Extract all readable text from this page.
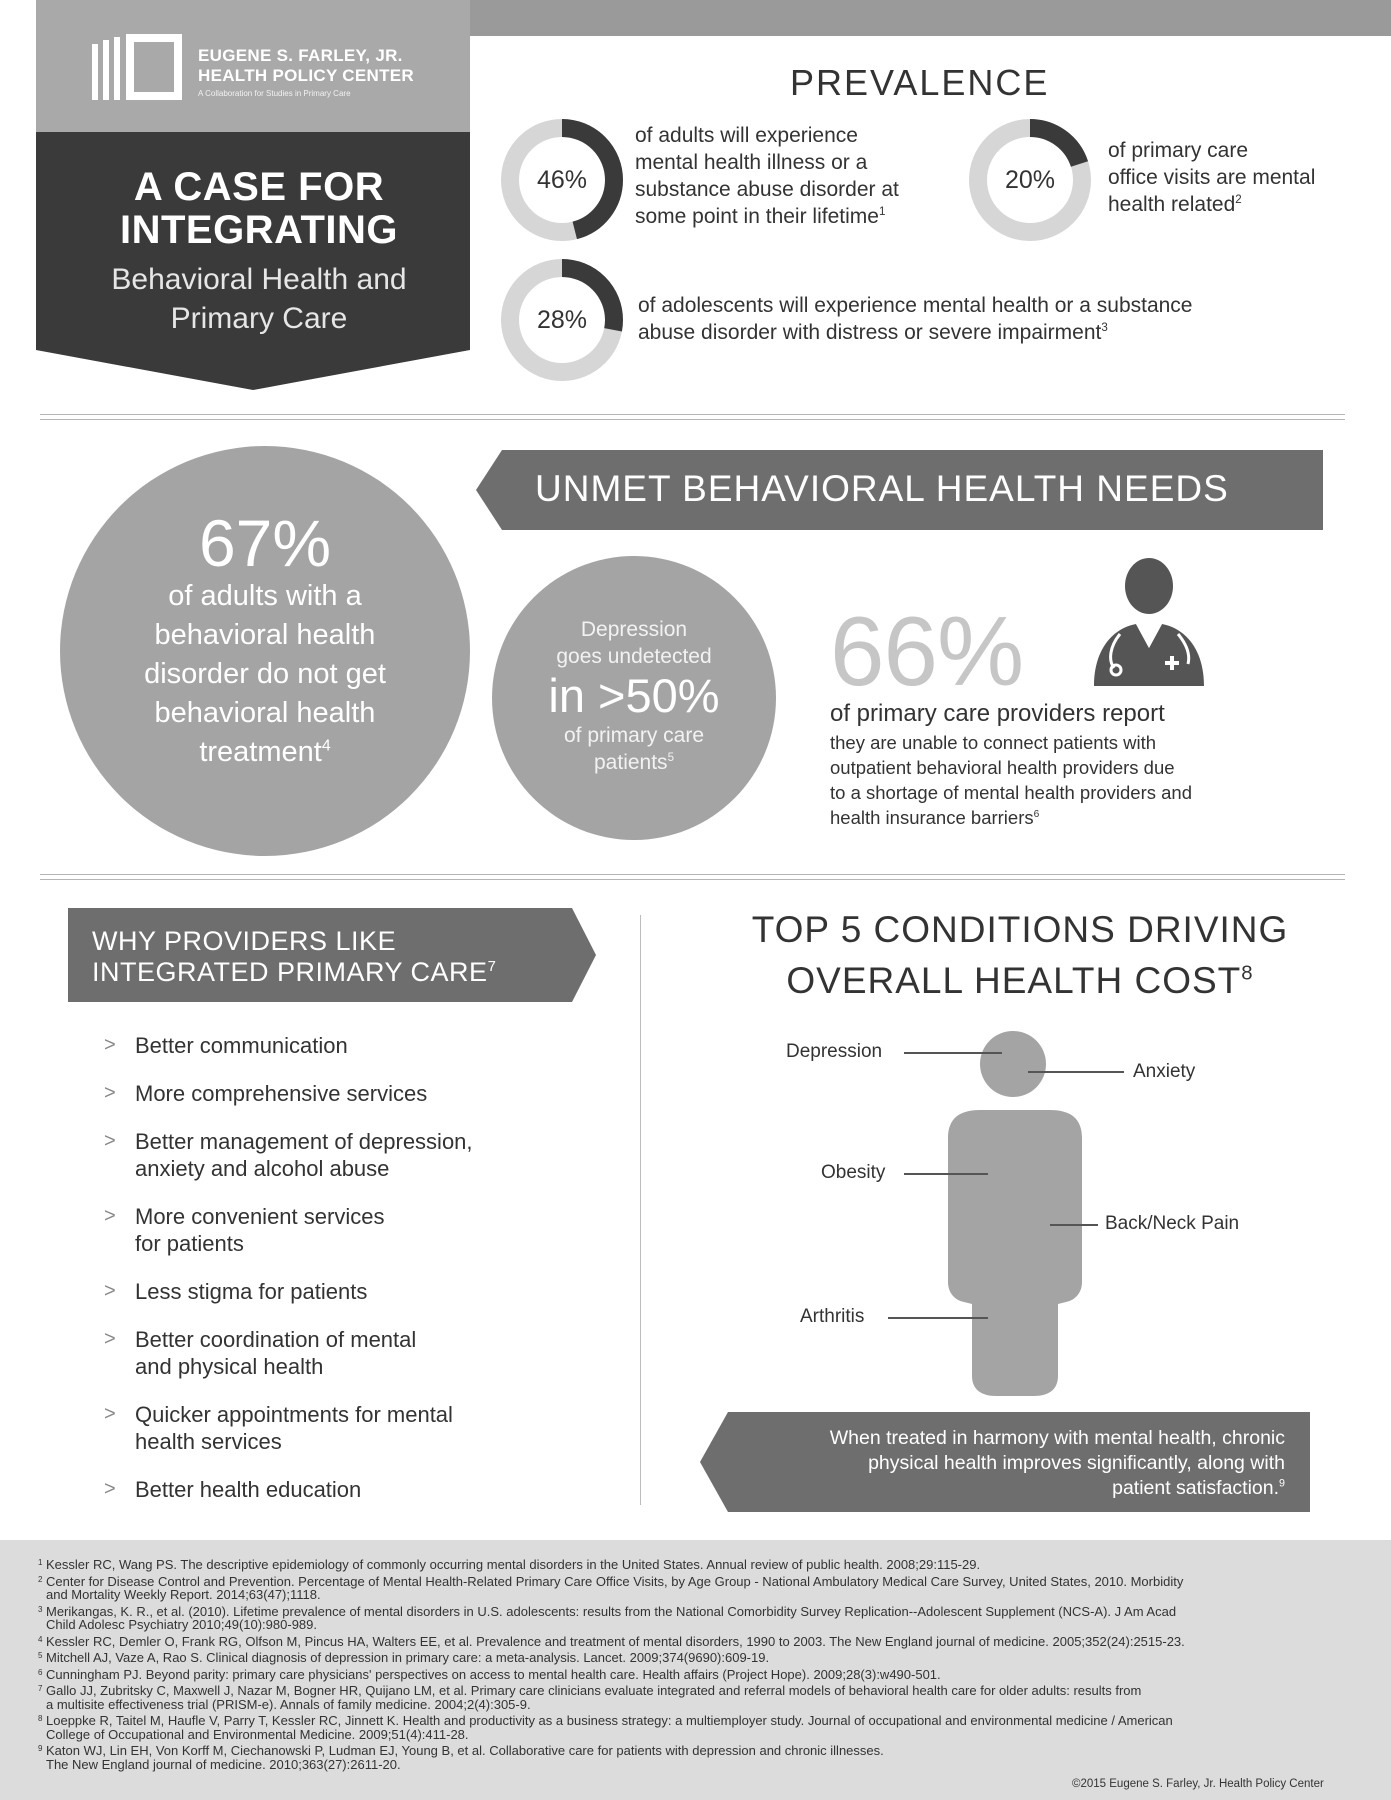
EUGENE S. FARLEY, JR.
HEALTH POLICY CENTER
A Collaboration for Studies in Primary Care
A CASE FOR
INTEGRATING
Behavioral Health and
Primary Care
PREVALENCE
46%
of adults will experience
mental health illness or a
substance abuse disorder at
some point in their lifetime$^1$
20%
of primary care
office visits are mental
health related$^2$
28%	of adolescents will experience mental health or a substance
abuse disorder with distress or severe impairment$^3$
UNMET BEHAVIORAL HEALTH NEEDS
67%
of adults with a
behavioral health
disorder do not get
behavioral health
treatment$^4$
Depression
goes undetected
in >50%
of primary care
patients$^5$
66%
of primary care providers report
they are unable to connect patients with
outpatient behavioral health providers due
to a shortage of mental health providers and
health insurance barriers$^6$
WHY PROVIDERS LIKE
INTEGRATED PRIMARY $CARE^7$
> Better communication
> More comprehensive services
> Better management of depression,
anxiety and alcohol abuse
> More convenient services
for patients
> Less stigma for patients
> Better coordination of mental
and physical health
> Quicker appointments for mental
health services
> Better health education
TOP 5 CONDITIONS DRIVING
OVERALL HEALTH COST$^8$
Depression
Anxiety
Obesity
Back/Neck Pain
Arthritis
When treated in harmony with mental health, chronic
physical health improves significantly, along with
patient satisfaction.$^9$
1 Kessler RC, Wang PS. The descriptive epidemiology of commonly occurring mental disorders in the United States. Annual review of public health. 2008;29:115-29.
2 Center for Disease Control and Prevention. Percentage of Mental Health-Related Primary Care Office Visits, by Age Group - National Ambulatory Medical Care Survey, United States, 2010. Morbidity
and Mortality Weekly Report. 2014;63(47);1118.
3 Merikangas, K. R., et al. (2010). Lifetime prevalence of mental disorders in U.S. adolescents: results from the National Comorbidity Survey Replication--Adolescent Supplement (NCS-A). J Am Acad
Child Adolesc Psychiatry 2010;49(10):980-989.
4 Kessler RC, Demler O, Frank RG, Olfson M, Pincus HA, Walters EE, et al. Prevalence and treatment of mental disorders, 1990 to 2003. The New England journal of medicine. 2005;352(24):2515-23.
5 Mitchell AJ, Vaze A, Rao S. Clinical diagnosis of depression in primary care: a meta-analysis. Lancet. 2009;374(9690):609-19.
6 Cunningham PJ. Beyond parity: primary care physicians' perspectives on access to mental health care. Health affairs (Project Hope). 2009;28(3):w490-501.
7 Gallo JJ, Zubritsky C, Maxwell J, Nazar M, Bogner HR, Quijano LM, et al. Primary care clinicians evaluate integrated and referral models of behavioral health care for older adults: results from
a multisite effectiveness trial (PRISM-e). Annals of family medicine. 2004;2(4):305-9.
8 Loeppke R, Taitel M, Haufle V, Parry T, Kessler RC, Jinnett K. Health and productivity as a business strategy: a multiemployer study. Journal of occupational and environmental medicine / American
College of Occupational and Environmental Medicine. 2009;51(4):411-28.
9 Katon WJ, Lin EH, Von Korff M, Ciechanowski P, Ludman EJ, Young B, et al. Collaborative care for patients with depression and chronic illnesses.
The New England journal of medicine. 2010;363(27):2611-20.
©2015 Eugene S. Farley, Jr. Health Policy Center
